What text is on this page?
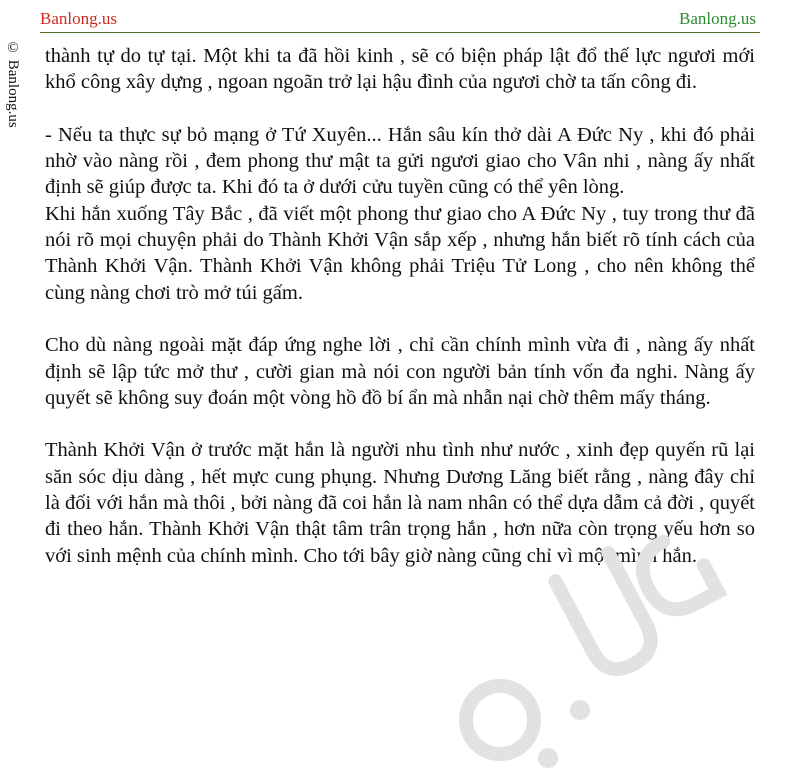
Banlong.us	Banlong.us
© Banlong.us thành tự do tự tại. Một khi ta đã hồi kinh , sẽ có biện pháp lật đổ thế lực ngươi mới khổ công xây dựng , ngoan ngoãn trở lại hậu đình của ngươi chờ ta tấn công đi.

- Nếu ta thực sự bỏ mạng ở Tứ Xuyên... Hắn sâu kín thở dài A Đức Ny , khi đó phải nhờ vào nàng rồi , đem phong thư mật ta gửi ngươi giao cho Vân nhi , nàng ấy nhất định sẽ giúp được ta. Khi đó ta ở dưới cửu tuyền cũng có thể yên lòng.

Khi hắn xuống Tây Bắc , đã viết một phong thư giao cho A Đức Ny , tuy trong thư đã nói rõ mọi chuyện phải do Thành Khởi Vận sắp xếp , nhưng hắn biết rõ tính cách của Thành Khởi Vận. Thành Khởi Vận không phải Triệu Tử Long , cho nên không thể cùng nàng chơi trò mở túi gấm.

Cho dù nàng ngoài mặt đáp ứng nghe lời , chỉ cần chính mình vừa đi , nàng ấy nhất định sẽ lập tức mở thư , cười gian mà nói con người bản tính vốn đa nghi. Nàng ấy quyết sẽ không suy đoán một vòng hồ đồ bí ẩn mà nhẫn nại chờ thêm mấy tháng.

Thành Khởi Vận ở trước mặt hắn là người nhu tình như nước , xinh đẹp quyến rũ lại săn sóc dịu dàng , hết mực cung phụng. Nhưng Dương Lăng biết rằng , nàng đây chỉ là đối với hắn mà thôi , bởi nàng đã coi hắn là nam nhân có thể dựa dẫm cả đời , quyết đi theo hắn. Thành Khởi Vận thật tâm trân trọng hắn , hơn nữa còn trọng yếu hơn so với sinh mệnh của chính mình. Cho tới bây giờ nàng cũng chỉ vì một mình hắn.
